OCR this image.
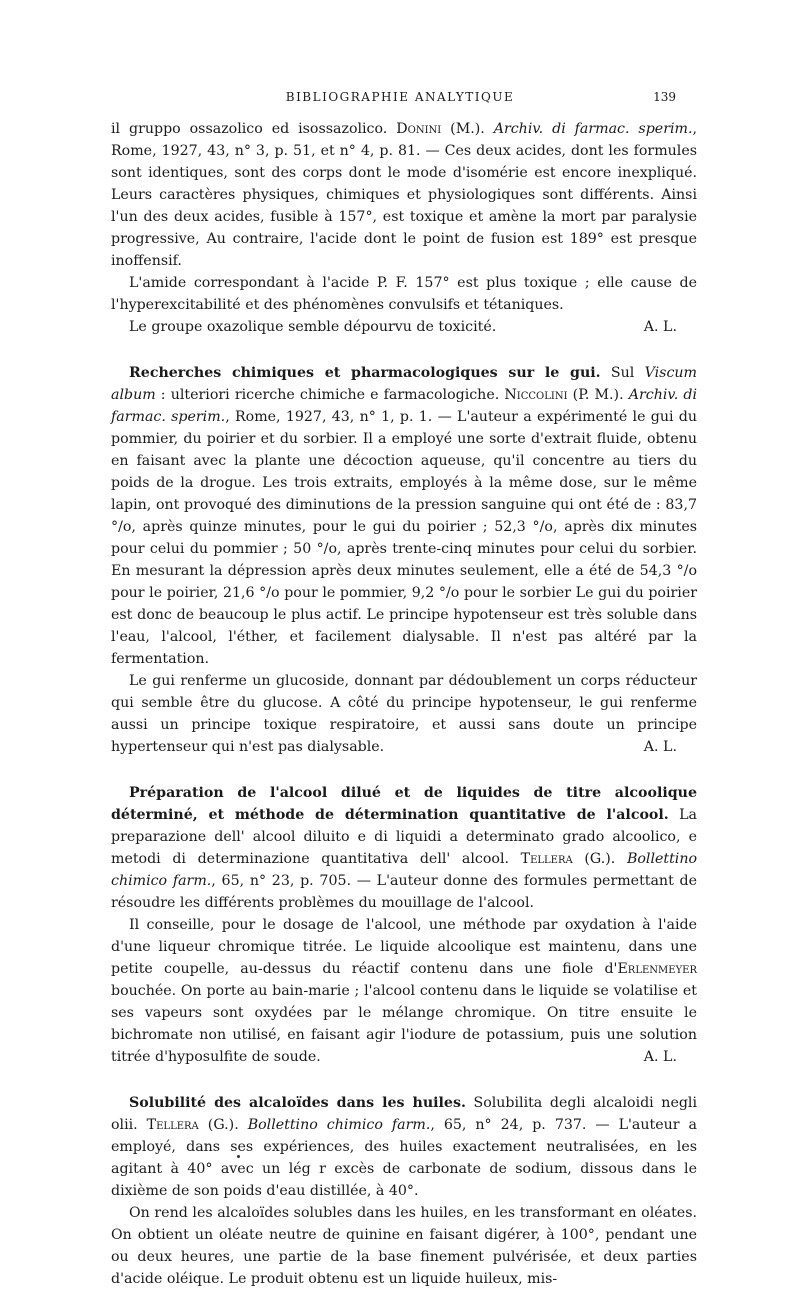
BIBLIOGRAPHIE ANALYTIQUE	139

il gruppo ossazolico ed isossazolico. Donini (M.). Archiv. di farmac. sperim., Rome, 1927, 43, n° 3, p. 51, et n° 4, p. 81. — Ces deux acides, dont les formules sont identiques, sont des corps dont le mode d'isomérie est encore inexpliqué. Leurs caractères physiques, chimiques et physiologiques sont différents. Ainsi l'un des deux acides, fusible à 157°, est toxique et amène la mort par paralysie progressive, Au contraire, l'acide dont le point de fusion est 189° est presque inoffensif.

L'amide correspondant à l'acide P. F. 157° est plus toxique ; elle cause de l'hyperexcitabilité et des phénomènes convulsifs et tétaniques.

Le groupe oxazolique semble dépourvu de toxicité.	A. L.

Recherches chimiques et pharmacologiques sur le gui. Sul Viscum album : ulteriori ricerche chimiche e farmacologiche. Niccolini (P. M.). Archiv. di farmac. sperim., Rome, 1927, 43, n° 1, p. 1. — L'auteur a expérimenté le gui du pommier, du poirier et du sorbier. Il a employé une sorte d'extrait fluide, obtenu en faisant avec la plante une décoction aqueuse, qu'il concentre au tiers du poids de la drogue. Les trois extraits, employés à la même dose, sur le même lapin, ont provoqué des diminutions de la pression sanguine qui ont été de : 83,7 °/o, après quinze minutes, pour le gui du poirier ; 52,3 °/o, après dix minutes pour celui du pommier ; 50 °/o, après trente-cinq minutes pour celui du sorbier. En mesurant la dépression après deux minutes seulement, elle a été de 54,3 °/o pour le poirier, 21,6 °/o pour le pommier, 9,2 °/o pour le sorbier Le gui du poirier est donc de beaucoup le plus actif. Le principe hypotenseur est très soluble dans l'eau, l'alcool, l'éther, et facilement dialysable. Il n'est pas altéré par la fermentation.

Le gui renferme un glucoside, donnant par dédoublement un corps réducteur qui semble être du glucose. A côté du principe hypotenseur, le gui renferme aussi un principe toxique respiratoire, et aussi sans doute un principe hypertenseur qui n'est pas dialysable.	A. L.

Préparation de l'alcool dilué et de liquides de titre alcoolique déterminé, et méthode de détermination quantitative de l'alcool. La preparazione dell' alcool diluito e di liquidi a determinato grado alcoolico, e metodi di determinazione quantitativa dell' alcool. Tellera (G.). Bollettino chimico farm., 65, n° 23, p. 705. — L'auteur donne des formules permettant de résoudre les différents problèmes du mouillage de l'alcool.

Il conseille, pour le dosage de l'alcool, une méthode par oxydation à l'aide d'une liqueur chromique titrée. Le liquide alcoolique est maintenu, dans une petite coupelle, au-dessus du réactif contenu dans une fiole d'Erlenmeyer bouchée. On porte au bain-marie ; l'alcool contenu dans le liquide se volatilise et ses vapeurs sont oxydées par le mélange chromique. On titre ensuite le bichromate non utilisé, en faisant agir l'iodure de potassium, puis une solution titrée d'hyposulfite de soude.	A. L.

Solubilité des alcaloïdes dans les huiles. Solubilita degli alcaloidi negli olii. Tellera (G.). Bollettino chimico farm., 65, n° 24, p. 737. — L'auteur a employé, dans ses expériences, des huiles exactement neutralisées, en les agitant à 40° avec un lég r excès de carbonate de sodium, dissous dans le dixième de son poids d'eau distillée, à 40°.

On rend les alcaloïdes solubles dans les huiles, en les transformant en oléates. On obtient un oléate neutre de quinine en faisant digérer, à 100°, pendant une ou deux heures, une partie de la base finement pulvérisée, et deux parties d'acide oléique. Le produit obtenu est un liquide huileux, mis-
